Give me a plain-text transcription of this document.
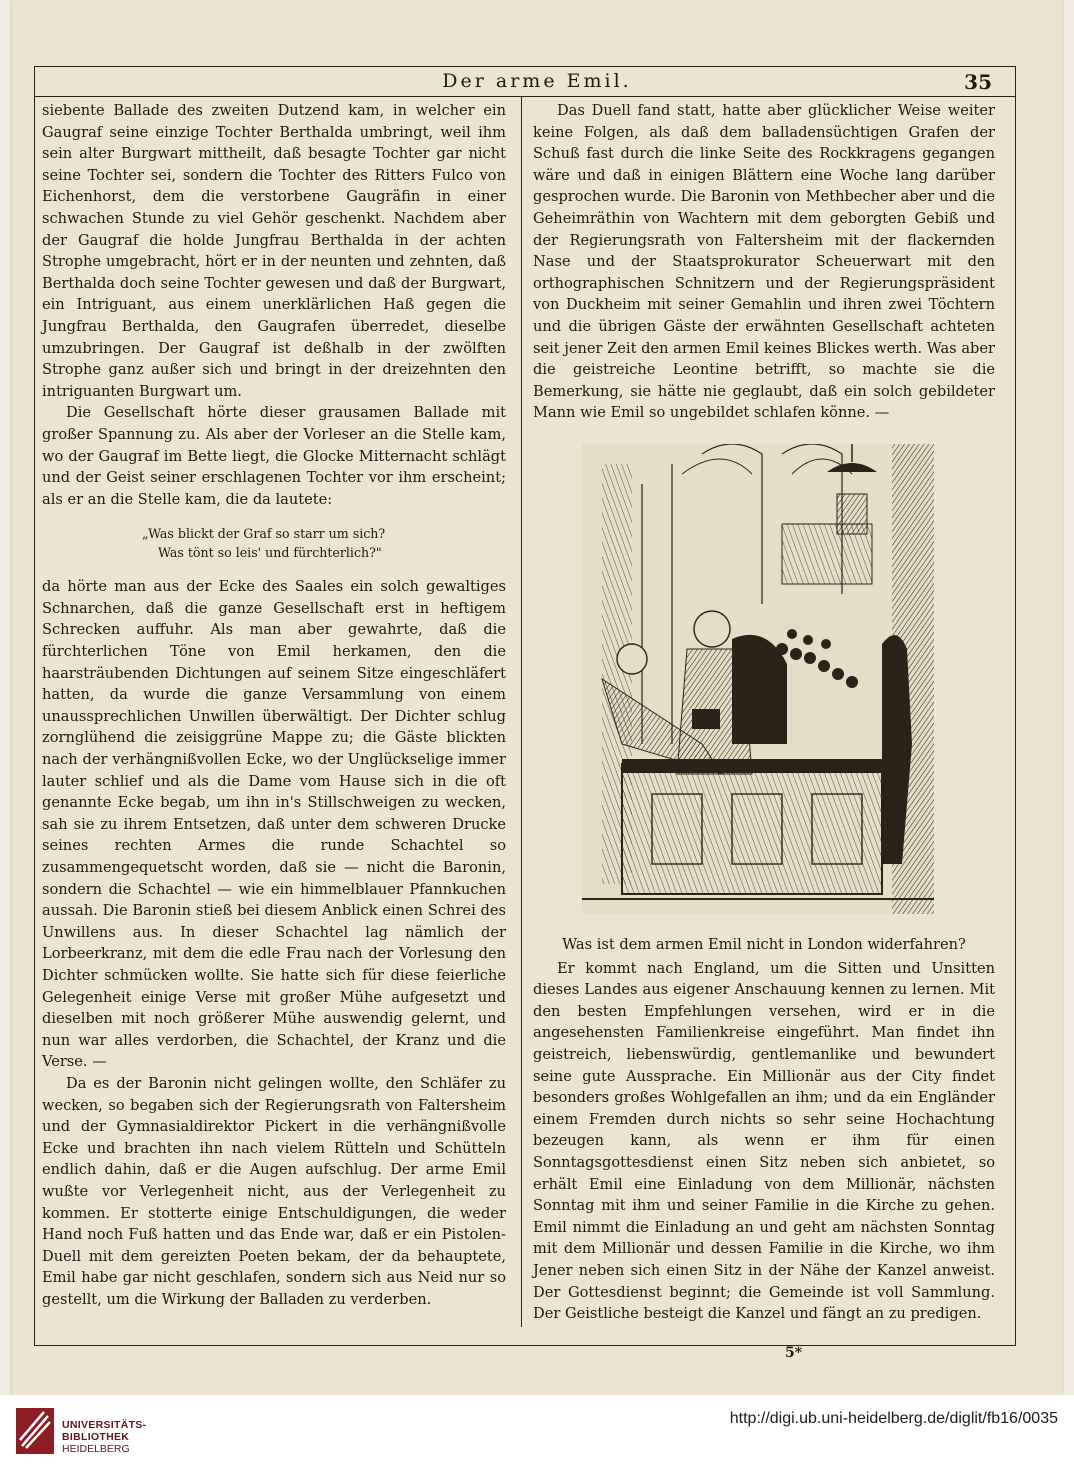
Der arme Emil.	35

siebente Ballade des zweiten Dutzend kam, in welcher ein Gaugraf seine einzige Tochter Berthalda umbringt, weil ihm sein alter Burgwart mittheilt, daß besagte Tochter gar nicht seine Tochter sei, sondern die Tochter des Ritters Fulco von Eichenhorst, dem die verstorbene Gaugräfin in einer schwachen Stunde zu viel Gehör geschenkt. Nachdem aber der Gaugraf die holde Jungfrau Berthalda in der achten Strophe umgebracht, hört er in der neunten und zehnten, daß Berthalda doch seine Tochter gewesen und daß der Burgwart, ein Intriguant, aus einem unerklärlichen Haß gegen die Jungfrau Berthalda, den Gaugrafen überredet, dieselbe umzubringen. Der Gaugraf ist deßhalb in der zwölften Strophe ganz außer sich und bringt in der dreizehnten den intriguanten Burgwart um.

Die Gesellschaft hörte dieser grausamen Ballade mit großer Spannung zu. Als aber der Vorleser an die Stelle kam, wo der Gaugraf im Bette liegt, die Glocke Mitternacht schlägt und der Geist seiner erschlagenen Tochter vor ihm erscheint; als er an die Stelle kam, die da lautete:

„Was blickt der Graf so starr um sich?
Was tönt so leis' und fürchterlich?"

da hörte man aus der Ecke des Saales ein solch gewaltiges Schnarchen, daß die ganze Gesellschaft erst in heftigem Schrecken auffuhr. Als man aber gewahrte, daß die fürchterlichen Töne von Emil herkamen, den die haarsträubenden Dichtungen auf seinem Sitze eingeschläfert hatten, da wurde die ganze Versammlung von einem unaussprechlichen Unwillen überwältigt. Der Dichter schlug zornglühend die zeisiggrüne Mappe zu; die Gäste blickten nach der verhängnißvollen Ecke, wo der Unglückselige immer lauter schlief und als die Dame vom Hause sich in die oft genannte Ecke begab, um ihn in's Stillschweigen zu wecken, sah sie zu ihrem Entsetzen, daß unter dem schweren Drucke seines rechten Armes die runde Schachtel so zusammengequetscht worden, daß sie — nicht die Baronin, sondern die Schachtel — wie ein himmelblauer Pfannkuchen aussah. Die Baronin stieß bei diesem Anblick einen Schrei des Unwillens aus. In dieser Schachtel lag nämlich der Lorbeerkranz, mit dem die edle Frau nach der Vorlesung den Dichter schmücken wollte. Sie hatte sich für diese feierliche Gelegenheit einige Verse mit großer Mühe aufgesetzt und dieselben mit noch größerer Mühe auswendig gelernt, und nun war alles verdorben, die Schachtel, der Kranz und die Verse. —

Da es der Baronin nicht gelingen wollte, den Schläfer zu wecken, so begaben sich der Regierungsrath von Faltersheim und der Gymnasialdirektor Pickert in die verhängnißvolle Ecke und brachten ihn nach vielem Rütteln und Schütteln endlich dahin, daß er die Augen aufschlug. Der arme Emil wußte vor Verlegenheit nicht, aus der Verlegenheit zu kommen. Er stotterte einige Entschuldigungen, die weder Hand noch Fuß hatten und das Ende war, daß er ein Pistolen-Duell mit dem gereizten Poeten bekam, der da behauptete, Emil habe gar nicht geschlafen, sondern sich aus Neid nur so gestellt, um die Wirkung der Balladen zu verderben.

Das Duell fand statt, hatte aber glücklicher Weise weiter keine Folgen, als daß dem balladensüchtigen Grafen der Schuß fast durch die linke Seite des Rockkragens gegangen wäre und daß in einigen Blättern eine Woche lang darüber gesprochen wurde. Die Baronin von Methbecher aber und die Geheimräthin von Wachtern mit dem geborgten Gebiß und der Regierungsrath von Faltersheim mit der flackernden Nase und der Staatsprokurator Scheuerwart mit den orthographischen Schnitzern und der Regierungspräsident von Duckheim mit seiner Gemahlin und ihren zwei Töchtern und die übrigen Gäste der erwähnten Gesellschaft achteten seit jener Zeit den armen Emil keines Blickes werth. Was aber die geistreiche Leontine betrifft, so machte sie die Bemerkung, sie hätte nie geglaubt, daß ein solch gebildeter Mann wie Emil so ungebildet schlafen könne. —

Was ist dem armen Emil nicht in London widerfahren?

Er kommt nach England, um die Sitten und Unsitten dieses Landes aus eigener Anschauung kennen zu lernen. Mit den besten Empfehlungen versehen, wird er in die angesehensten Familienkreise eingeführt. Man findet ihn geistreich, liebenswürdig, gentlemanlike und bewundert seine gute Aussprache. Ein Millionär aus der City findet besonders großes Wohlgefallen an ihm; und da ein Engländer einem Fremden durch nichts so sehr seine Hochachtung bezeugen kann, als wenn er ihm für einen Sonntagsgottesdienst einen Sitz neben sich anbietet, so erhält Emil eine Einladung von dem Millionär, nächsten Sonntag mit ihm und seiner Familie in die Kirche zu gehen. Emil nimmt die Einladung an und geht am nächsten Sonntag mit dem Millionär und dessen Familie in die Kirche, wo ihm Jener neben sich einen Sitz in der Nähe der Kanzel anweist. Der Gottesdienst beginnt; die Gemeinde ist voll Sammlung. Der Geistliche besteigt die Kanzel und fängt an zu predigen.

5*
UNIVERSITÄTS-
BIBLIOTHEK
HEIDELBERG
http://digi.ub.uni-heidelberg.de/diglit/fb16/0035
